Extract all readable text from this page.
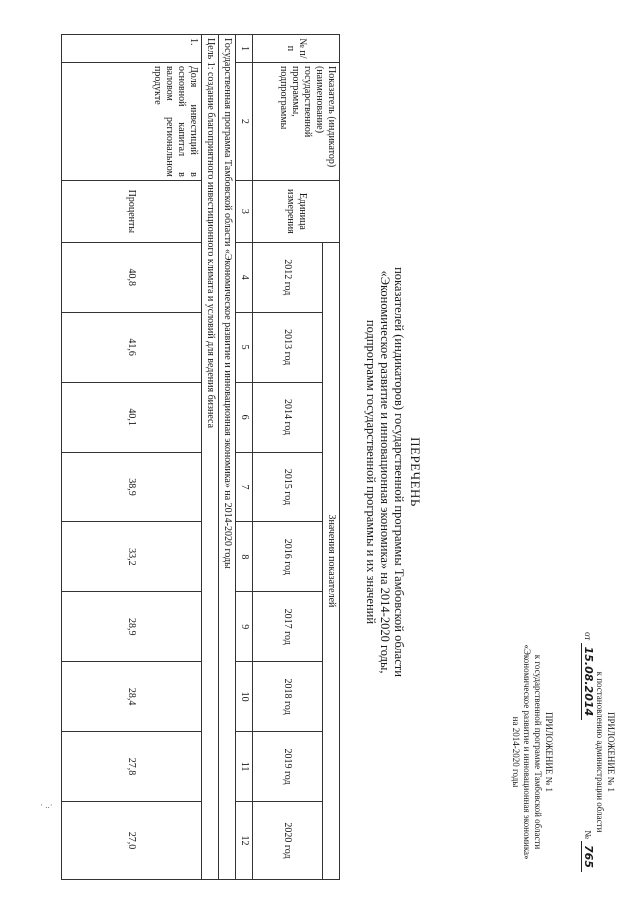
· ..·
ПРИЛОЖЕНИЕ № 1
к постановлению администрации области
от 15.08.2014
№ 765
ПРИЛОЖЕНИЕ № 1
к государственной программе Тамбовской области
«Экономическое развитие и инновационная экономика»
на 2014-2020 годы
ПЕРЕЧЕНЬ
показателей (индикаторов) государственной программы Тамбовской области
«Экономическое развитие и инновационная экономика» на 2014-2020 годы,
подпрограмм государственной программы и их значений
№ п/п	Показатель (индикатор) (наименование) государственной программы, подпрограммы	Единица измерения	Значения показателей								
			2012 год	2013 год	2014 год	2015 год	2016 год	2017 год	2018 год	2019 год	2020 год
1	2	3	4	5	6	7	8	9	10	11	12
Государственная программа Тамбовской области «Экономическое развитие и инновационная экономика» на 2014-2020 годы											
Цель 1: создание благоприятного инвестиционного климата и условий для ведения бизнеса											
1.	Доля инвестиций в основной капитал в валовом региональном продукте	Проценты	40,8	41,6	40,1	38,9	33,2	28,9	28,4	27,8	27,0
